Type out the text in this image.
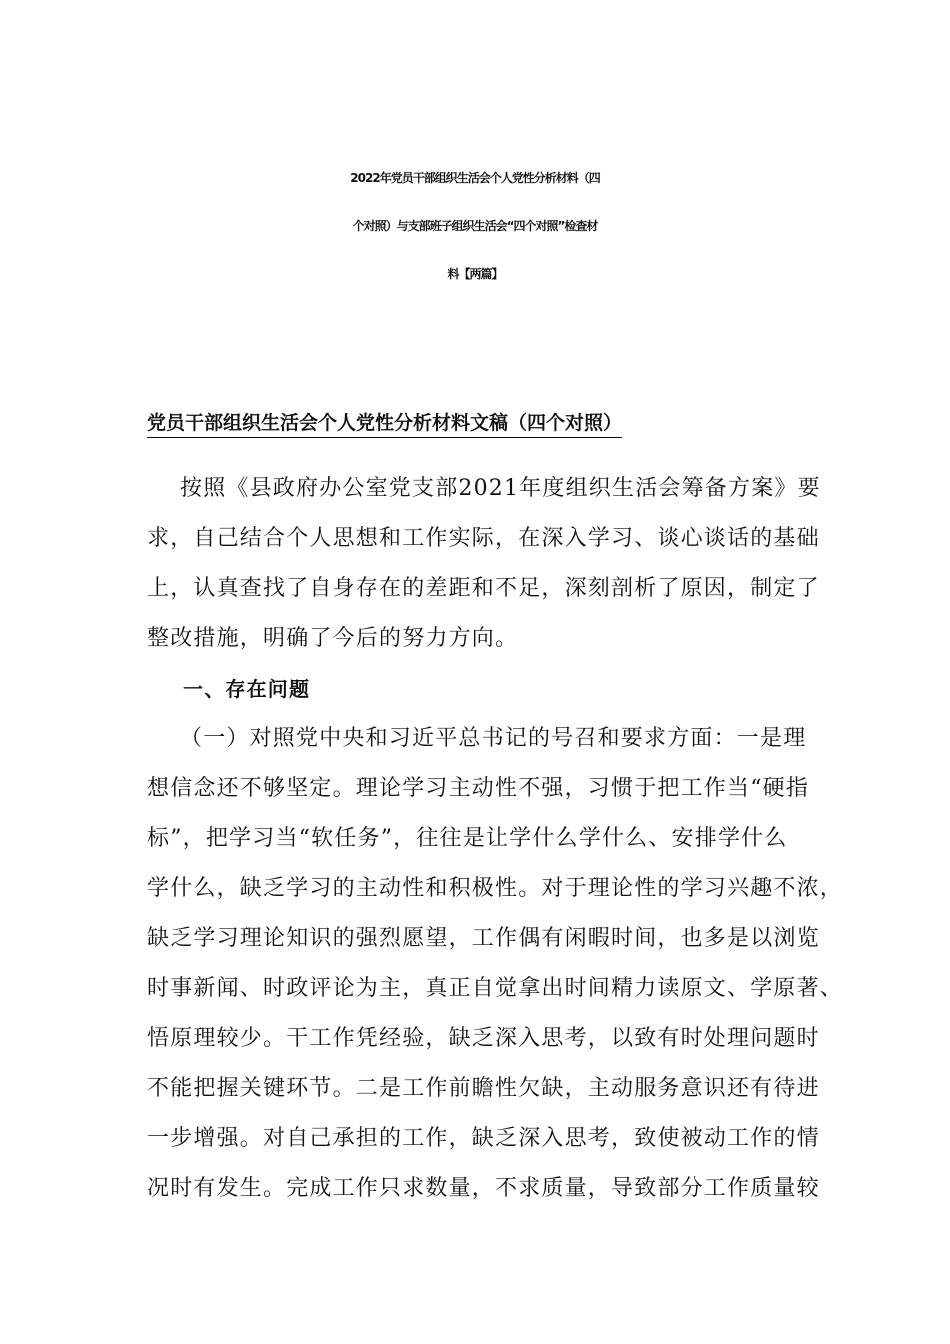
2022年党员干部组织生活会个人党性分析材料（四
个对照）与支部班子组织生活会“四个对照”检查材
料【两篇】
党员干部组织生活会个人党性分析材料文稿（四个对照）
按照《县政府办公室党支部2021年度组织生活会筹备方案》要
求，自己结合个人思想和工作实际，在深入学习、谈心谈话的基础
上，认真查找了自身存在的差距和不足，深刻剖析了原因，制定了
整改措施，明确了今后的努力方向。
一、存在问题
（一）对照党中央和习近平总书记的号召和要求方面：一是理
想信念还不够坚定。理论学习主动性不强，习惯于把工作当“硬指
标”，把学习当“软任务”，往往是让学什么学什么、安排学什么
学什么，缺乏学习的主动性和积极性。对于理论性的学习兴趣不浓，
缺乏学习理论知识的强烈愿望，工作偶有闲暇时间，也多是以浏览
时事新闻、时政评论为主，真正自觉拿出时间精力读原文、学原著、
悟原理较少。干工作凭经验，缺乏深入思考，以致有时处理问题时
不能把握关键环节。二是工作前瞻性欠缺，主动服务意识还有待进
一步增强。对自己承担的工作，缺乏深入思考，致使被动工作的情
况时有发生。完成工作只求数量，不求质量，导致部分工作质量较
